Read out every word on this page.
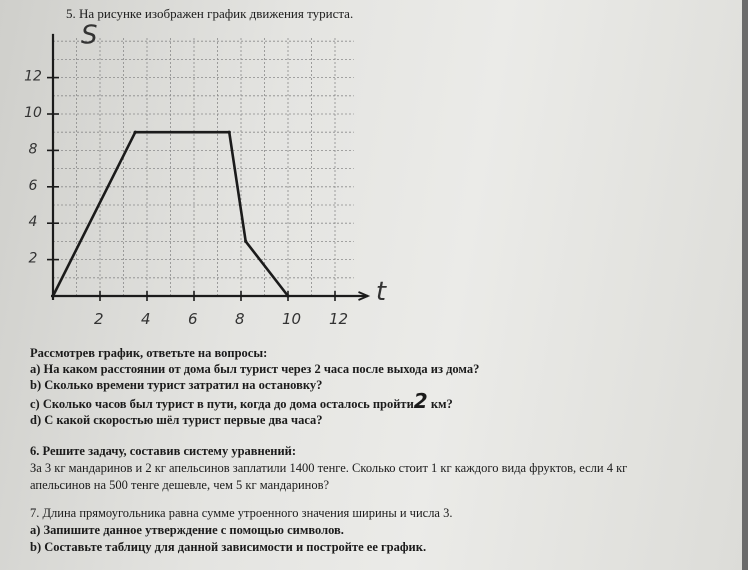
5. На рисунке изображен график движения туриста.
S
t
2 4 6 8 10 12
2
4
6
8
10
12
Рассмотрев график, ответьте на вопросы:
a) На каком расстоянии от дома был турист через 2 часа после выхода из дома?
b) Сколько времени турист затратил на остановку?
c) Сколько часов был турист в пути, когда до дома осталось пройти2 км?
d) С какой скоростью шёл турист первые два часа?
6. Решите задачу, составив систему уравнений:
За 3 кг мандаринов и 2 кг апельсинов заплатили 1400 тенге. Сколько стоит 1 кг каждого вида фруктов, если 4 кг
апельсинов на 500 тенге дешевле, чем 5 кг мандаринов?
7. Длина прямоугольника равна сумме утроенного значения ширины и числа 3.
a) Запишите данное утверждение с помощью символов.
b) Составьте таблицу для данной зависимости и постройте ее график.
